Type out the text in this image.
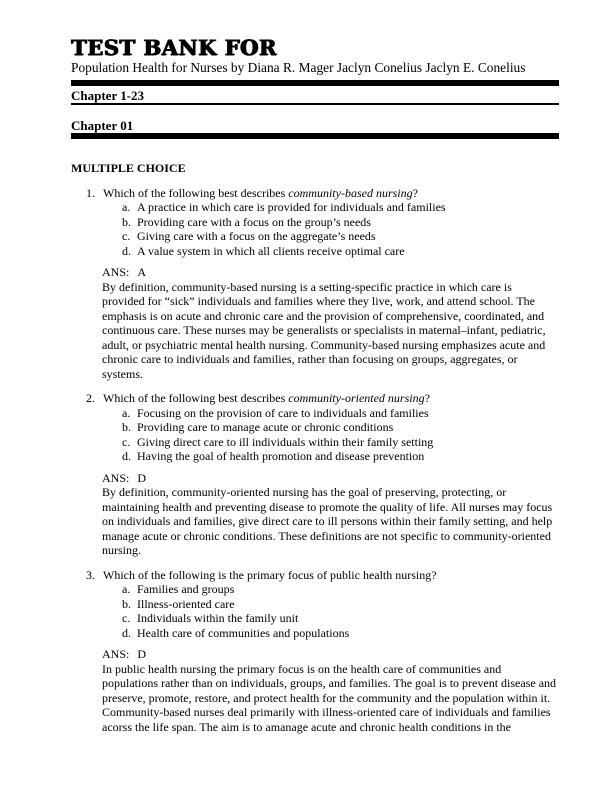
TEST BANK FOR
Population Health for Nurses by Diana R. Mager Jaclyn Conelius Jaclyn E. Conelius
Chapter 1-23
Chapter 01
MULTIPLE CHOICE
1. Which of the following best describes community-based nursing?
a. A practice in which care is provided for individuals and families
b. Providing care with a focus on the group’s needs
c. Giving care with a focus on the aggregate’s needs
d. A value system in which all clients receive optimal care
ANS: A
By definition, community-based nursing is a setting-specific practice in which care is provided for “sick” individuals and families where they live, work, and attend school. The emphasis is on acute and chronic care and the provision of comprehensive, coordinated, and continuous care. These nurses may be generalists or specialists in maternal–infant, pediatric, adult, or psychiatric mental health nursing. Community-based nursing emphasizes acute and chronic care to individuals and families, rather than focusing on groups, aggregates, or systems.
2. Which of the following best describes community-oriented nursing?
a. Focusing on the provision of care to individuals and families
b. Providing care to manage acute or chronic conditions
c. Giving direct care to ill individuals within their family setting
d. Having the goal of health promotion and disease prevention
ANS: D
By definition, community-oriented nursing has the goal of preserving, protecting, or maintaining health and preventing disease to promote the quality of life. All nurses may focus on individuals and families, give direct care to ill persons within their family setting, and help manage acute or chronic conditions. These definitions are not specific to community-oriented nursing.
3. Which of the following is the primary focus of public health nursing?
a. Families and groups
b. Illness-oriented care
c. Individuals within the family unit
d. Health care of communities and populations
ANS: D
In public health nursing the primary focus is on the health care of communities and populations rather than on individuals, groups, and families. The goal is to prevent disease and preserve, promote, restore, and protect health for the community and the population within it. Community-based nurses deal primarily with illness-oriented care of individuals and families acorss the life span. The aim is to amanage acute and chronic health conditions in the
